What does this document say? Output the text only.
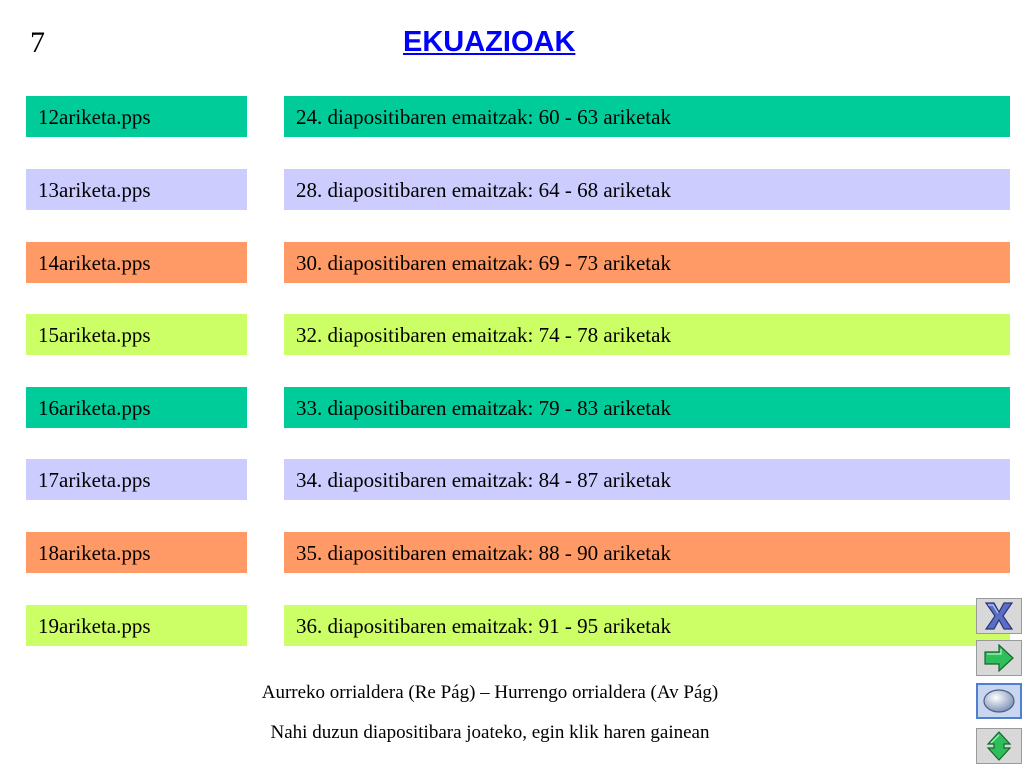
7	EKUAZIOAK
12ariketa.pps	24. diapositibaren emaitzak: 60 - 63 ariketak
13ariketa.pps	28. diapositibaren emaitzak: 64 - 68 ariketak
14ariketa.pps	30. diapositibaren emaitzak: 69 - 73 ariketak
15ariketa.pps	32. diapositibaren emaitzak: 74 - 78 ariketak
16ariketa.pps	33. diapositibaren emaitzak: 79 - 83 ariketak
17ariketa.pps	34. diapositibaren emaitzak: 84 - 87 ariketak
18ariketa.pps	35. diapositibaren emaitzak: 88 - 90 ariketak
19ariketa.pps	36. diapositibaren emaitzak: 91 - 95 ariketak
Aurreko orrialdera (Re Pág) – Hurrengo orrialdera (Av Pág)
Nahi duzun diapositibara joateko, egin klik haren gainean
